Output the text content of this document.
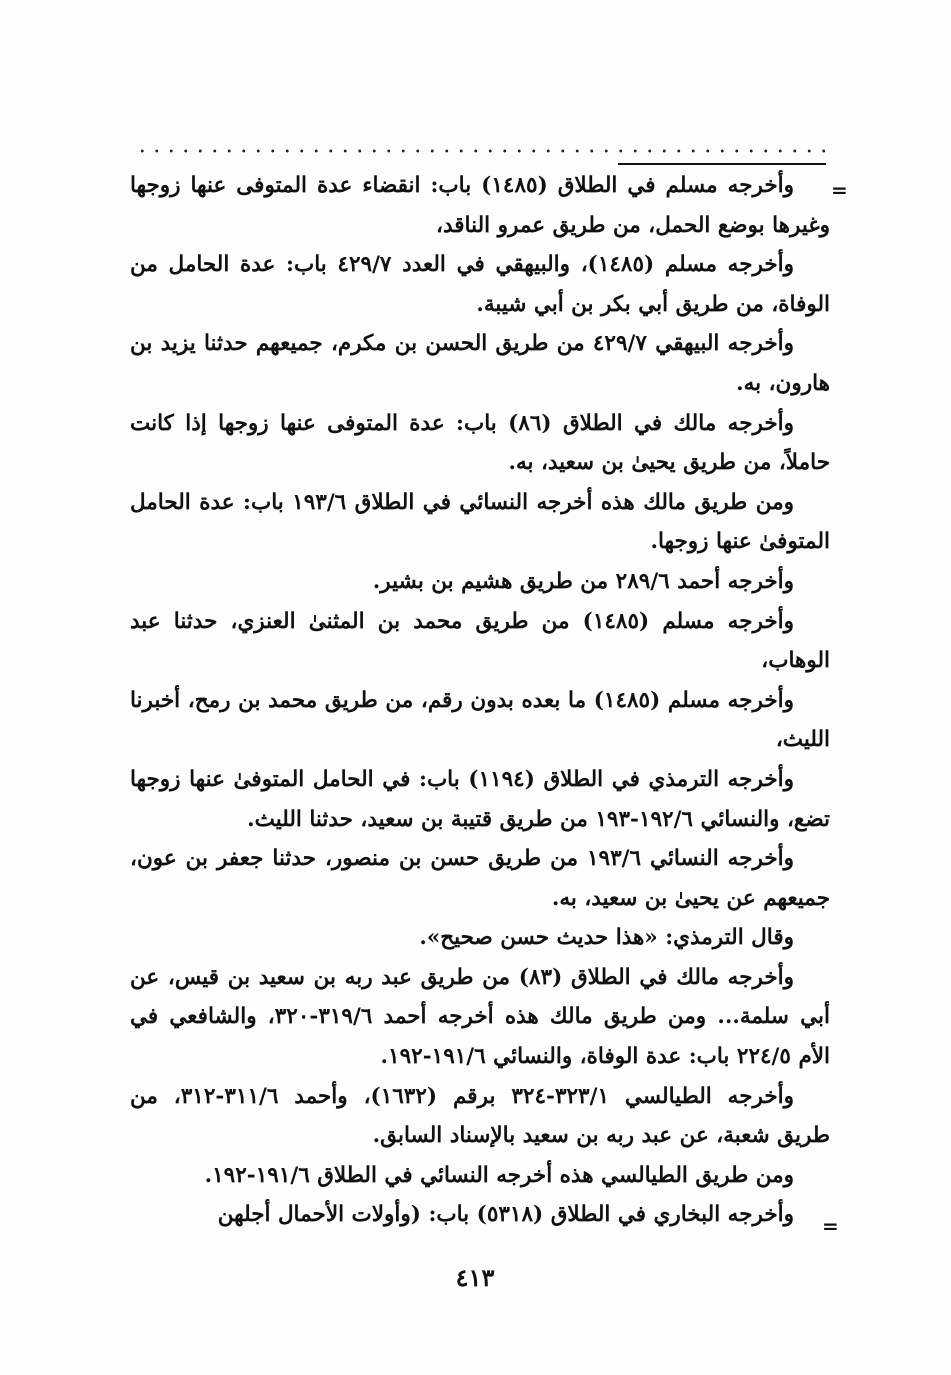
=

وأخرجه مسلم في الطلاق (١٤٨٥) باب: انقضاء عدة المتوفى عنها زوجها وغيرها بوضع الحمل، من طريق عمرو الناقد،

وأخرجه مسلم (١٤٨٥)، والبيهقي في العدد ٤٢٩/٧ باب: عدة الحامل من الوفاة، من طريق أبي بكر بن أبي شيبة.

وأخرجه البيهقي ٤٢٩/٧ من طريق الحسن بن مكرم، جميعهم حدثنا يزيد بن هارون، به.

وأخرجه مالك في الطلاق (٨٦) باب: عدة المتوفى عنها زوجها إذا كانت حاملاً، من طريق يحيىٰ بن سعيد، به.

ومن طريق مالك هذه أخرجه النسائي في الطلاق ١٩٣/٦ باب: عدة الحامل المتوفىٰ عنها زوجها.

وأخرجه أحمد ٢٨٩/٦ من طريق هشيم بن بشير.

وأخرجه مسلم (١٤٨٥) من طريق محمد بن المثنىٰ العنزي، حدثنا عبد الوهاب،

وأخرجه مسلم (١٤٨٥) ما بعده بدون رقم، من طريق محمد بن رمح، أخبرنا الليث،

وأخرجه الترمذي في الطلاق (١١٩٤) باب: في الحامل المتوفىٰ عنها زوجها تضع، والنسائي ١٩٢/٦-١٩٣ من طريق قتيبة بن سعيد، حدثنا الليث.

وأخرجه النسائي ١٩٣/٦ من طريق حسن بن منصور، حدثنا جعفر بن عون، جميعهم عن يحيىٰ بن سعيد، به.

وقال الترمذي: «هذا حديث حسن صحيح».

وأخرجه مالك في الطلاق (٨٣) من طريق عبد ربه بن سعيد بن قيس، عن أبي سلمة... ومن طريق مالك هذه أخرجه أحمد ٣١٩/٦-٣٢٠، والشافعي في الأم ٢٢٤/٥ باب: عدة الوفاة، والنسائي ١٩١/٦-١٩٢.

وأخرجه الطيالسي ٣٢٣/١-٣٢٤ برقم (١٦٣٢)، وأحمد ٣١١/٦-٣١٢، من طريق شعبة، عن عبد ربه بن سعيد بالإسناد السابق.

ومن طريق الطيالسي هذه أخرجه النسائي في الطلاق ١٩١/٦-١٩٢.

وأخرجه البخاري في الطلاق (٥٣١٨) باب: (وأولات الأحمال أجلهن	=
٤١٣
